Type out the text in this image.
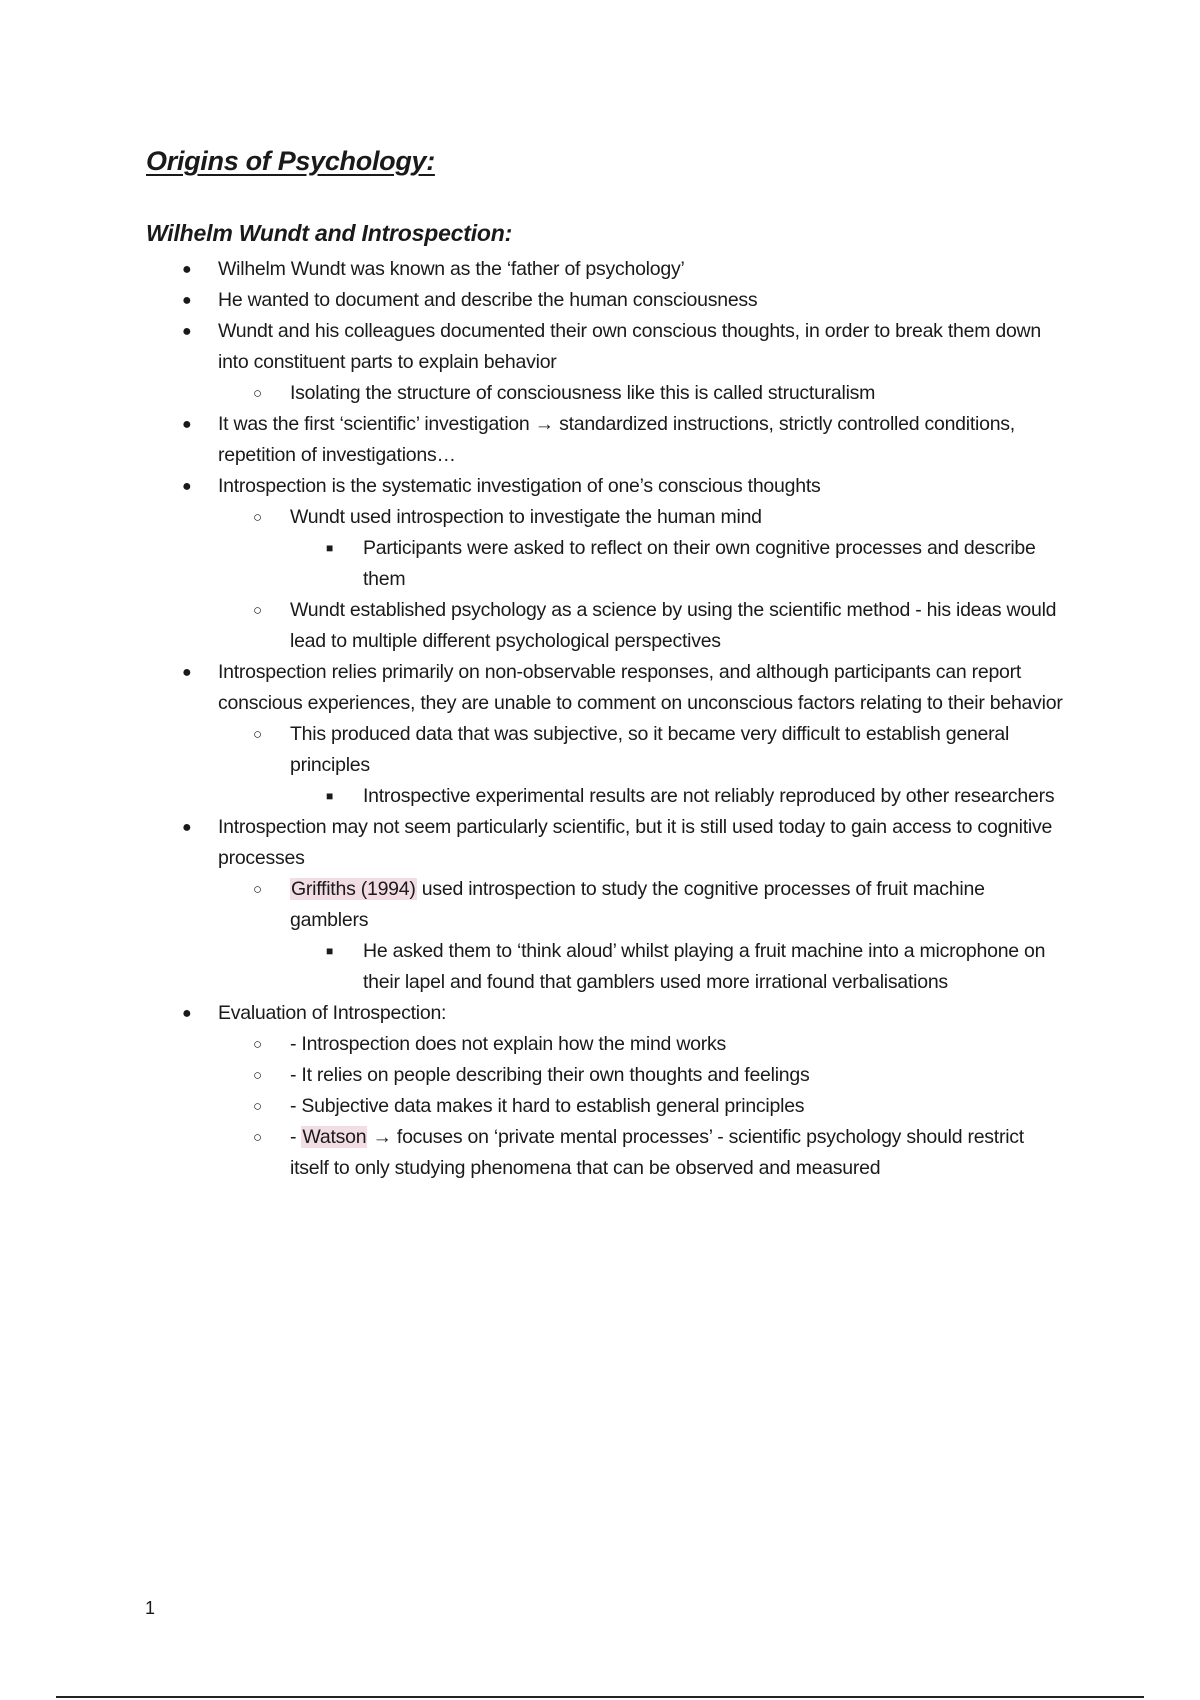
Origins of Psychology:
Wilhelm Wundt and Introspection:
● Wilhelm Wundt was known as the ‘father of psychology’
● He wanted to document and describe the human consciousness
● Wundt and his colleagues documented their own conscious thoughts, in order to break them down into constituent parts to explain behavior
○ Isolating the structure of consciousness like this is called structuralism
● It was the first ‘scientific’ investigation → standardized instructions, strictly controlled conditions, repetition of investigations…
● Introspection is the systematic investigation of one’s conscious thoughts
○ Wundt used introspection to investigate the human mind
■ Participants were asked to reflect on their own cognitive processes and describe them
○ Wundt established psychology as a science by using the scientific method - his ideas would lead to multiple different psychological perspectives
● Introspection relies primarily on non-observable responses, and although participants can report conscious experiences, they are unable to comment on unconscious factors relating to their behavior
○ This produced data that was subjective, so it became very difficult to establish general principles
■ Introspective experimental results are not reliably reproduced by other researchers
● Introspection may not seem particularly scientific, but it is still used today to gain access to cognitive processes
○ Griffiths (1994) used introspection to study the cognitive processes of fruit machine gamblers
■ He asked them to ‘think aloud’ whilst playing a fruit machine into a microphone on their lapel and found that gamblers used more irrational verbalisations
● Evaluation of Introspection:
○ - Introspection does not explain how the mind works
○ - It relies on people describing their own thoughts and feelings
○ - Subjective data makes it hard to establish general principles
○ - Watson → focuses on ‘private mental processes’ - scientific psychology should restrict itself to only studying phenomena that can be observed and measured
1
